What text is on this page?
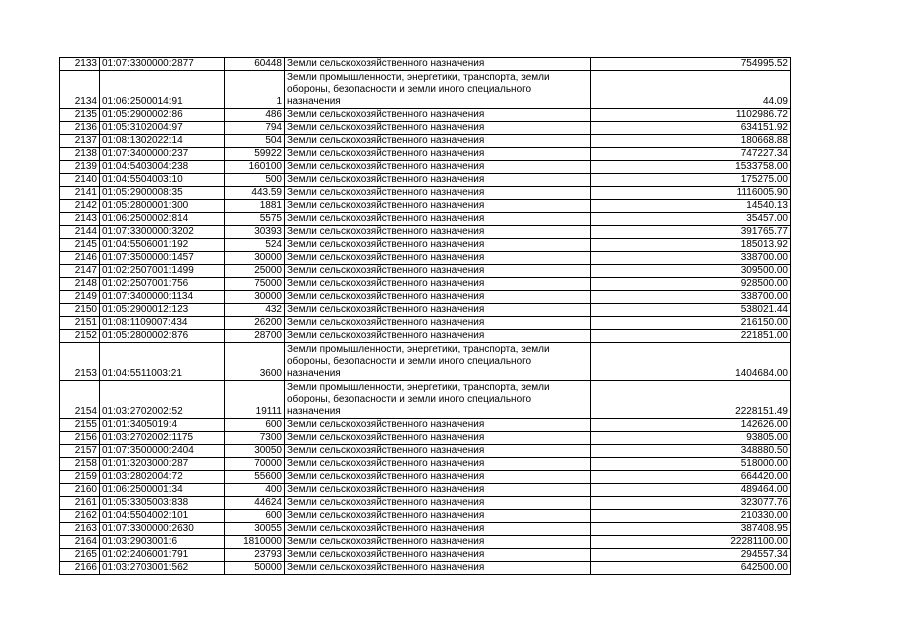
2133	01:07:3300000:2877	60448	Земли сельскохозяйственного назначения	754995.52
2134	01:06:2500014:91	1	Земли промышленности, энергетики, транспорта, земли
обороны, безопасности и земли иного специального
назначения	44.09
2135	01:05:2900002:86	486	Земли сельскохозяйственного назначения	1102986.72
2136	01:05:3102004:97	794	Земли сельскохозяйственного назначения	634151.92
2137	01:08:1302022:14	504	Земли сельскохозяйственного назначения	180668.88
2138	01:07:3400000:237	59922	Земли сельскохозяйственного назначения	747227.34
2139	01:04:5403004:238	160100	Земли сельскохозяйственного назначения	1533758.00
2140	01:04:5504003:10	500	Земли сельскохозяйственного назначения	175275.00
2141	01:05:2900008:35	443.59	Земли сельскохозяйственного назначения	1116005.90
2142	01:05:2800001:300	1881	Земли сельскохозяйственного назначения	14540.13
2143	01:06:2500002:814	5575	Земли сельскохозяйственного назначения	35457.00
2144	01:07:3300000:3202	30393	Земли сельскохозяйственного назначения	391765.77
2145	01:04:5506001:192	524	Земли сельскохозяйственного назначения	185013.92
2146	01:07:3500000:1457	30000	Земли сельскохозяйственного назначения	338700.00
2147	01:02:2507001:1499	25000	Земли сельскохозяйственного назначения	309500.00
2148	01:02:2507001:756	75000	Земли сельскохозяйственного назначения	928500.00
2149	01:07:3400000:1134	30000	Земли сельскохозяйственного назначения	338700.00
2150	01:05:2900012:123	432	Земли сельскохозяйственного назначения	538021.44
2151	01:08:1109007:434	26200	Земли сельскохозяйственного назначения	216150.00
2152	01:05:2800002:876	28700	Земли сельскохозяйственного назначения	221851.00
2153	01:04:5511003:21	3600	Земли промышленности, энергетики, транспорта, земли
обороны, безопасности и земли иного специального
назначения	1404684.00
2154	01:03:2702002:52	19111	Земли промышленности, энергетики, транспорта, земли
обороны, безопасности и земли иного специального
назначения	2228151.49
2155	01:01:3405019:4	600	Земли сельскохозяйственного назначения	142626.00
2156	01:03:2702002:1175	7300	Земли сельскохозяйственного назначения	93805.00
2157	01:07:3500000:2404	30050	Земли сельскохозяйственного назначения	348880.50
2158	01:01:3203000:287	70000	Земли сельскохозяйственного назначения	518000.00
2159	01:03:2802004:72	55600	Земли сельскохозяйственного назначения	664420.00
2160	01:06:2500001:34	400	Земли сельскохозяйственного назначения	489464.00
2161	01:05:3305003:838	44624	Земли сельскохозяйственного назначения	323077.76
2162	01:04:5504002:101	600	Земли сельскохозяйственного назначения	210330.00
2163	01:07:3300000:2630	30055	Земли сельскохозяйственного назначения	387408.95
2164	01:03:2903001:6	1810000	Земли сельскохозяйственного назначения	22281100.00
2165	01:02:2406001:791	23793	Земли сельскохозяйственного назначения	294557.34
2166	01:03:2703001:562	50000	Земли сельскохозяйственного назначения	642500.00
